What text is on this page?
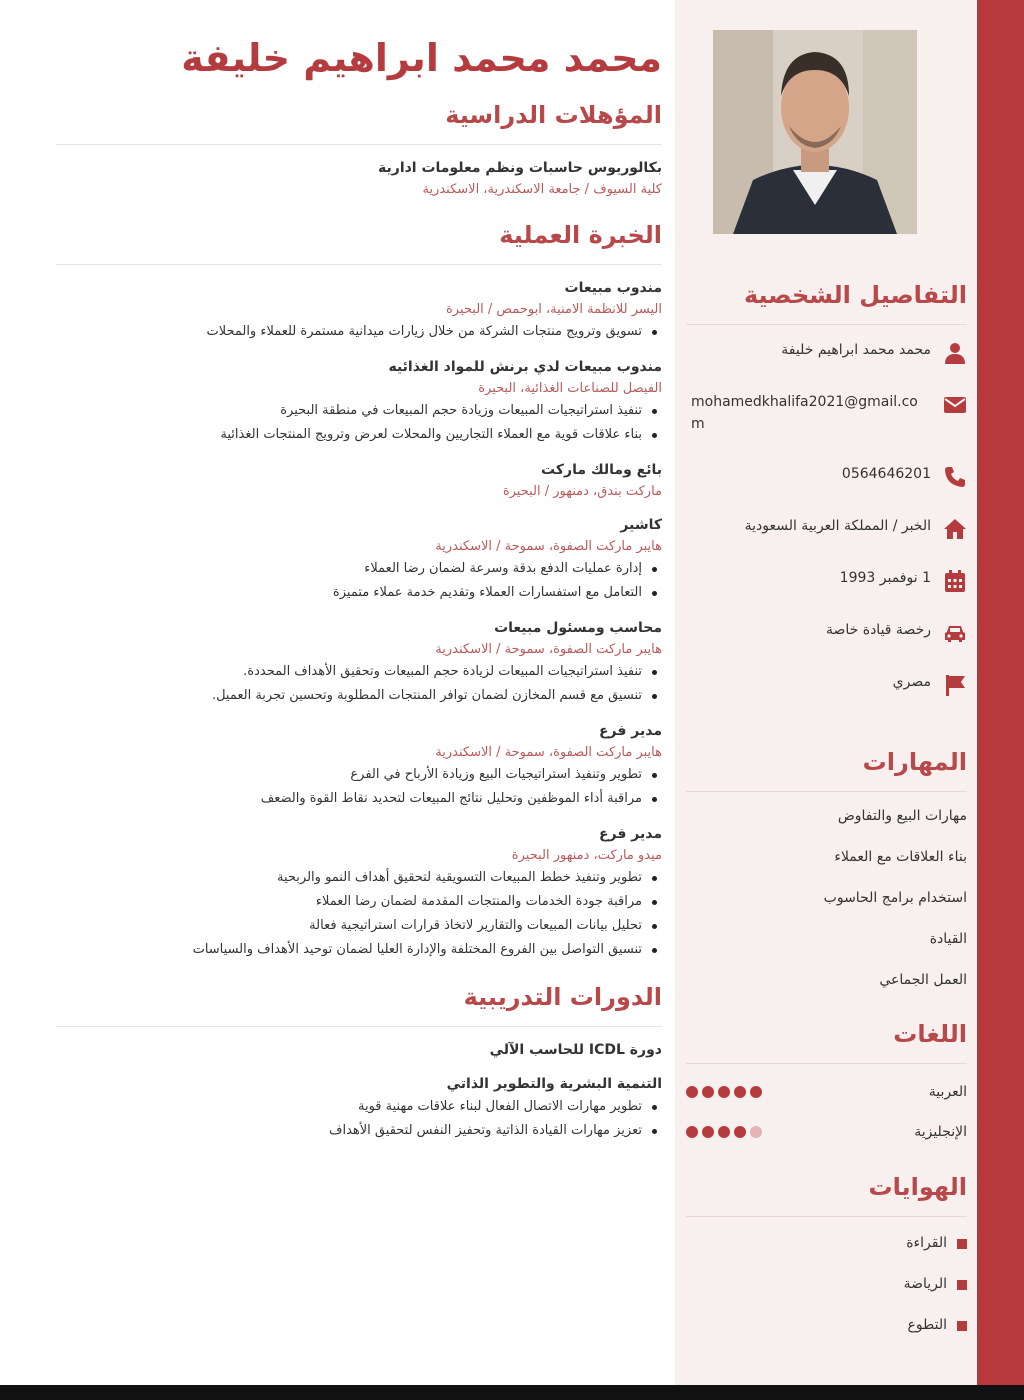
محمد محمد ابراهيم خليفة
المؤهلات الدراسية
بكالوريوس حاسبات ونظم معلومات ادارية
كلية السيوف / جامعة الاسكندرية، الاسكندرية
الخبرة العملية
مندوب مبيعات
اليسر للانظمة الامنية، ابوحمص / البحيرة
تسويق وترويج منتجات الشركة من خلال زيارات ميدانية مستمرة للعملاء والمحلات
مندوب مبيعات لدي برنش للمواد الغذائيه
الفيصل للصناعات الغذائية، البحيرة
تنفيذ استراتيجيات المبيعات وزيادة حجم المبيعات في منطقة البحيرة
بناء علاقات قوية مع العملاء التجاريين والمحلات لعرض وترويج المنتجات الغذائية
بائع ومالك ماركت
ماركت بندق، دمنهور / البحيرة
كاشير
هايبر ماركت الصفوة، سموحة / الاسكندرية
إدارة عمليات الدفع بدقة وسرعة لضمان رضا العملاء
التعامل مع استفسارات العملاء وتقديم خدمة عملاء متميزة
محاسب ومسئول مبيعات
هايبر ماركت الصفوة، سموحة / الاسكندرية
تنفيذ استراتيجيات المبيعات لزيادة حجم المبيعات وتحقيق الأهداف المحددة.
تنسيق مع قسم المخازن لضمان توافر المنتجات المطلوبة وتحسين تجربة العميل.
مدير فرع
هايبر ماركت الصفوة، سموحة / الاسكندرية
تطوير وتنفيذ استراتيجيات البيع وزيادة الأرباح في الفرع
مراقبة أداء الموظفين وتحليل نتائج المبيعات لتحديد نقاط القوة والضعف
مدير فرع
ميدو ماركت، دمنهور البحيرة
تطوير وتنفيذ خطط المبيعات التسويقية لتحقيق أهداف النمو والربحية
مراقبة جودة الخدمات والمنتجات المقدمة لضمان رضا العملاء
تحليل بيانات المبيعات والتقارير لاتخاذ قرارات استراتيجية فعالة
تنسيق التواصل بين الفروع المختلفة والإدارة العليا لضمان توحيد الأهداف والسياسات
الدورات التدريبية
دورة ICDL للحاسب الآلي
التنمية البشرية والتطوير الذاتي
تطوير مهارات الاتصال الفعال لبناء علاقات مهنية قوية
تعزيز مهارات القيادة الذاتية وتحفيز النفس لتحقيق الأهداف
التفاصيل الشخصية
محمد محمد ابراهيم خليفة
mohamedkhalifa2021@gmail.com
0564646201
الخبر / المملكة العربية السعودية
1 نوفمبر 1993
رخصة قيادة خاصة
مصري
المهارات
مهارات البيع والتفاوض
بناء العلاقات مع العملاء
استخدام برامج الحاسوب
القيادة
العمل الجماعي
اللغات
العربية
الإنجليزية
الهوايات
القراءة
الرياضة
التطوع
